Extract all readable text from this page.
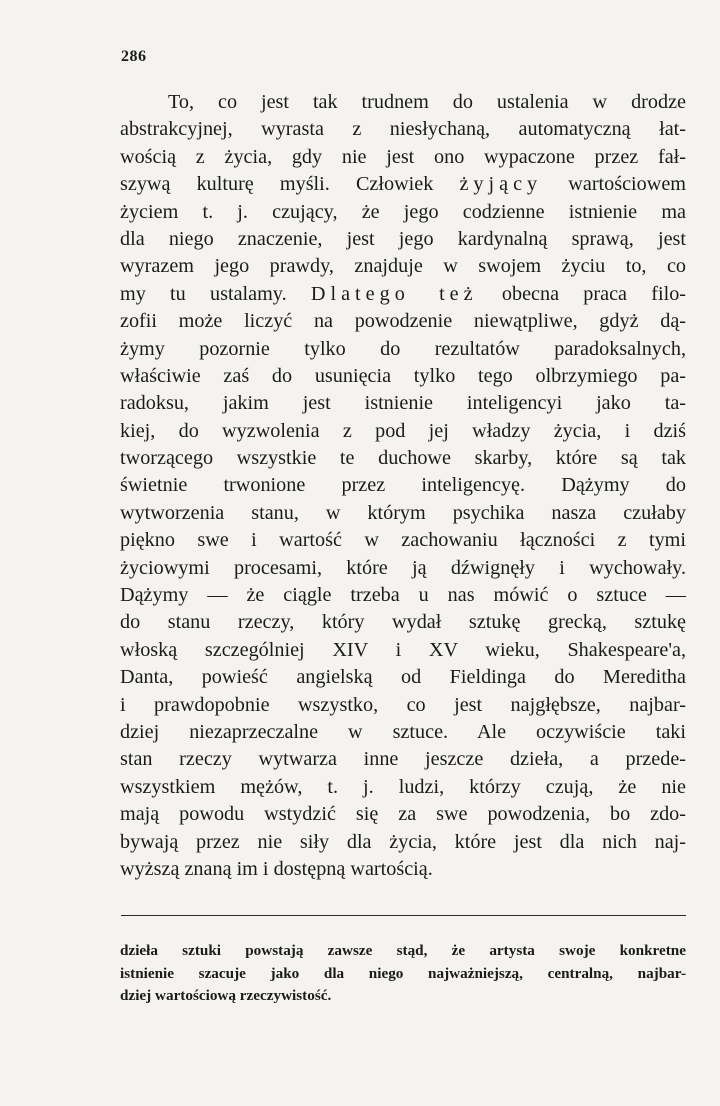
286
To, co jest tak trudnem do ustalenia w drodze
abstrakcyjnej, wyrasta z niesłychaną, automatyczną łat-
wością z życia, gdy nie jest ono wypaczone przez fał-
szywą kulturę myśli. Człowiek żyjący wartościowem
życiem t. j. czujący, że jego codzienne istnienie ma
dla niego znaczenie, jest jego kardynalną sprawą, jest
wyrazem jego prawdy, znajduje w swojem życiu to, co
my tu ustalamy. Dlatego też obecna praca filo-
zofii może liczyć na powodzenie niewątpliwe, gdyż dą-
żymy pozornie tylko do rezultatów paradoksalnych,
właściwie zaś do usunięcia tylko tego olbrzymiego pa-
radoksu, jakim jest istnienie inteligencyi jako ta-
kiej, do wyzwolenia z pod jej władzy życia, i dziś
tworzącego wszystkie te duchowe skarby, które są tak
świetnie trwonione przez inteligencyę. Dążymy do
wytworzenia stanu, w którym psychika nasza czułaby
piękno swe i wartość w zachowaniu łączności z tymi
życiowymi procesami, które ją dźwignęły i wychowały.
Dążymy — że ciągle trzeba u nas mówić o sztuce —
do stanu rzeczy, który wydał sztukę grecką, sztukę
włoską szczególniej XIV i XV wieku, Shakespeare'a,
Danta, powieść angielską od Fieldinga do Mereditha
i prawdopobnie wszystko, co jest najgłębsze, najbar-
dziej niezaprzeczalne w sztuce. Ale oczywiście taki
stan rzeczy wytwarza inne jeszcze dzieła, a przede-
wszystkiem mężów, t. j. ludzi, którzy czują, że nie
mają powodu wstydzić się za swe powodzenia, bo zdo-
bywają przez nie siły dla życia, które jest dla nich naj-
wyższą znaną im i dostępną wartością.
dzieła sztuki powstają zawsze stąd, że artysta swoje konkretne
istnienie szacuje jako dla niego najważniejszą, centralną, najbar-
dziej wartościową rzeczywistość.
